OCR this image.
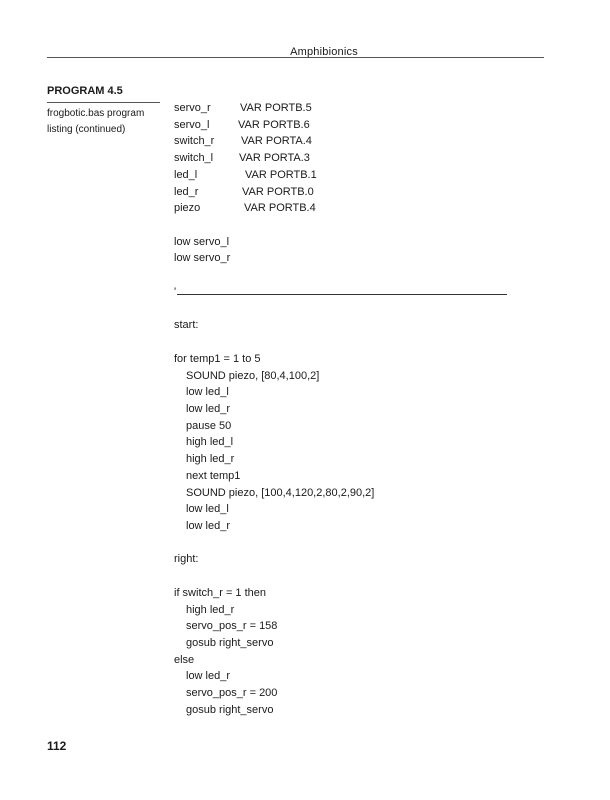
Amphibionics
PROGRAM 4.5
frogbotic.bas program listing (continued)
servo_r	VAR PORTB.5
servo_l	VAR PORTB.6
switch_r VAR PORTA.4
switch_l VAR PORTA.3
led_l	VAR PORTB.1
led_r	VAR PORTB.0
piezo	VAR PORTB.4
low servo_l
low servo_r
'
start:
for temp1 = 1 to 5
SOUND piezo, [80,4,100,2]
low led_l
low led_r
pause 50
high led_l
high led_r
next temp1
SOUND piezo, [100,4,120,2,80,2,90,2]
low led_l
low led_r
right:
if switch_r = 1 then
high led_r
servo_pos_r = 158
gosub right_servo
else
low led_r
servo_pos_r = 200
gosub right_servo
112
